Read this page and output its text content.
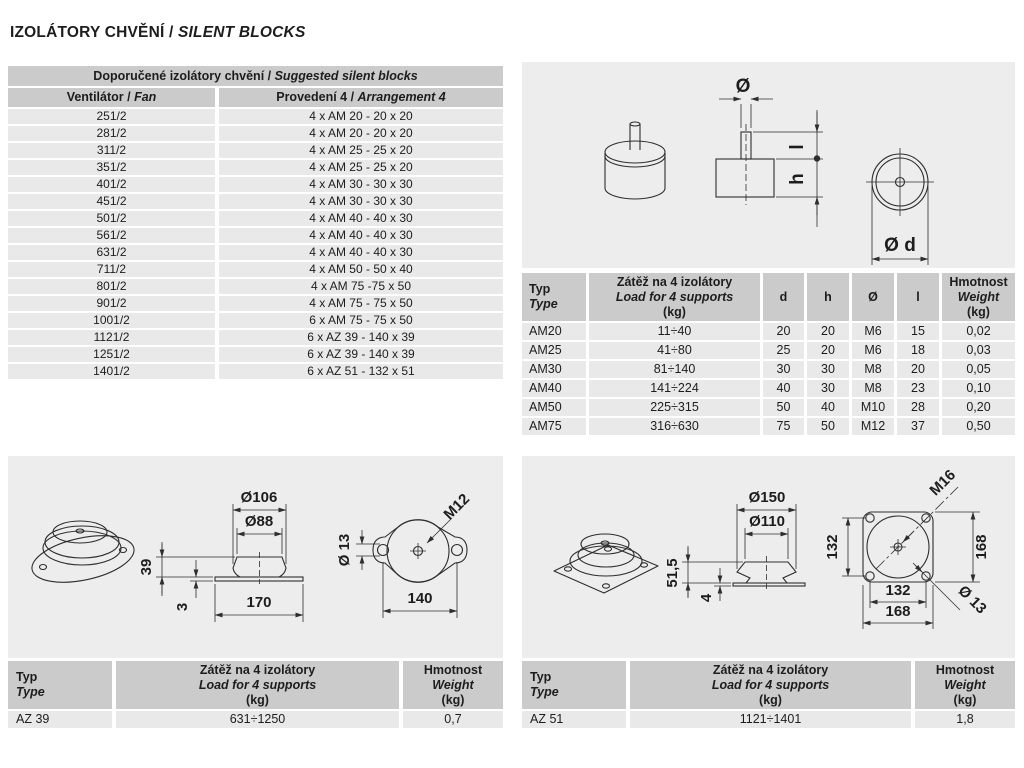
IZOLÁTORY CHVĚNÍ / SILENT BLOCKS
Doporučené izolátory chvění / Suggested silent blocks
Ventilátor / Fan	Provedení 4 / Arrangement 4
251/2	4 x AM 20 - 20 x 20
281/2	4 x AM 20 - 20 x 20
311/2	4 x AM 25 - 25 x 20
351/2	4 x AM 25 - 25 x 20
401/2	4 x AM 30 - 30 x 30
451/2	4 x AM 30 - 30 x 30
501/2	4 x AM 40 - 40 x 30
561/2	4 x AM 40 - 40 x 30
631/2	4 x AM 40 - 40 x 30
711/2	4 x AM 50 - 50 x 40
801/2	4 x AM 75 -75 x 50
901/2	4 x AM 75 - 75 x 50
1001/2	6 x AM 75 - 75 x 50
1121/2	6 x AZ 39 - 140 x 39
1251/2	6 x AZ 39 - 140 x 39
1401/2	6 x AZ 51 - 132 x 51
Ø
l
h
Ø d
Typ
Type
Zátěž na 4 izolátory
Load for 4 supports
(kg)
d	h	Ø	l
Hmotnost
Weight
(kg)
AM20	11÷40	20	20	M6	15	0,02
AM25	41÷80	25	20	M6	18	0,03
AM30	81÷140	30	30	M8	20	0,05
AM40	141÷224	40	30	M8	23	0,10
AM50	225÷315	50	40	M10	28	0,20
AM75	316÷630	75	50	M12	37	0,50
Ø106
Ø88
39
3	170
M12
Ø 13
140
Ø150
Ø110
51,5
4
M16
Ø 13
132	168
132
168
Typ
Type
Zátěž na 4 izolátory
Load for 4 supports
(kg)
Hmotnost
Weight
(kg)
AZ 39	631÷1250	0,7
Typ
Type
Zátěž na 4 izolátory
Load for 4 supports
(kg)
Hmotnost
Weight
(kg)
AZ 51	1121÷1401	1,8
